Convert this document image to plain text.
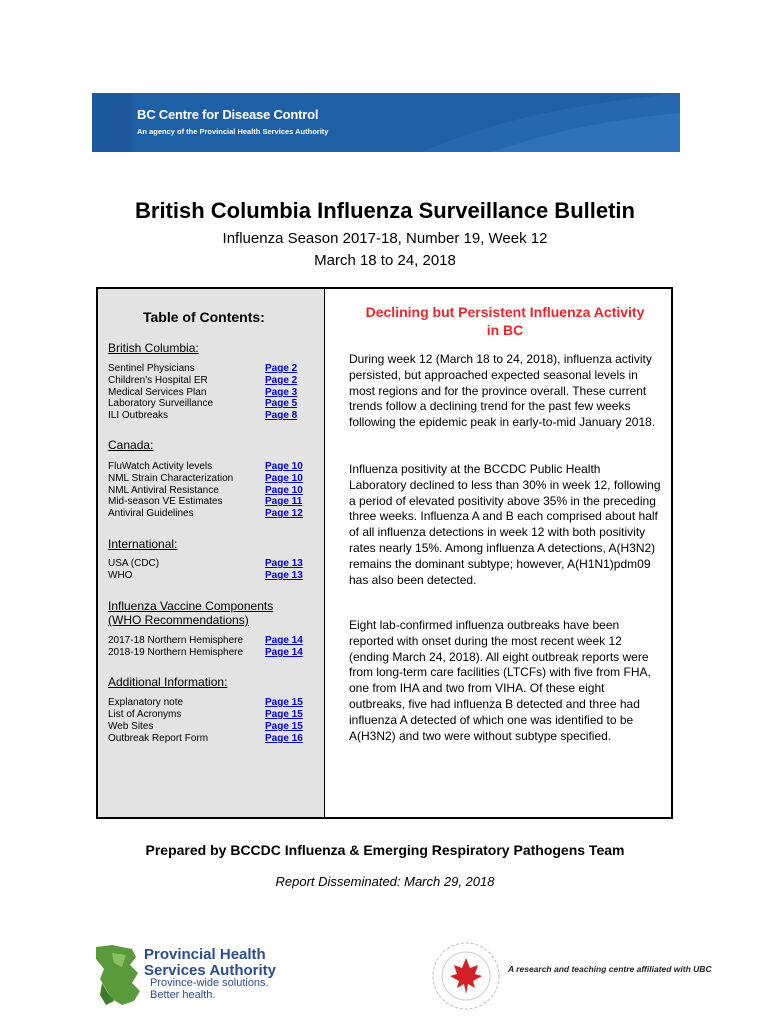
BC Centre for Disease Control
An agency of the Provincial Health Services Authority
British Columbia Influenza Surveillance Bulletin
Influenza Season 2017-18, Number 19, Week 12
March 18 to 24, 2018
Table of Contents:
British Columbia:
Sentinel Physicians	Page 2
Children's Hospital ER	Page 2
Medical Services Plan	Page 3
Laboratory Surveillance	Page 5
ILI Outbreaks	Page 8
Canada:
FluWatch Activity levels	Page 10
NML Strain Characterization	Page 10
NML Antiviral Resistance	Page 10
Mid-season VE Estimates	Page 11
Antiviral Guidelines	Page 12
International:
USA (CDC)	Page 13
WHO	Page 13
Influenza Vaccine Components
(WHO Recommendations)
2017-18 Northern Hemisphere Page 14
2018-19 Northern Hemisphere Page 14
Additional Information:
Explanatory note	Page 15
List of Acronyms	Page 15
Web Sites	Page 15
Outbreak Report Form	Page 16
Declining but Persistent Influenza Activity
in BC
During week 12 (March 18 to 24, 2018), influenza activity persisted, but approached expected seasonal levels in most regions and for the province overall. These current trends follow a declining trend for the past few weeks following the epidemic peak in early-to-mid January 2018.
Influenza positivity at the BCCDC Public Health Laboratory declined to less than 30% in week 12, following a period of elevated positivity above 35% in the preceding three weeks. Influenza A and B each comprised about half of all influenza detections in week 12 with both positivity rates nearly 15%. Among influenza A detections, A(H3N2) remains the dominant subtype; however, A(H1N1)pdm09 has also been detected.
Eight lab-confirmed influenza outbreaks have been reported with onset during the most recent week 12 (ending March 24, 2018). All eight outbreak reports were from long-term care facilities (LTCFs) with five from FHA, one from IHA and two from VIHA. Of these eight outbreaks, five had influenza B detected and three had influenza A detected of which one was identified to be A(H3N2) and two were without subtype specified.
Prepared by BCCDC Influenza & Emerging Respiratory Pathogens Team
Report Disseminated: March 29, 2018
Provincial Health
Services Authority
Province-wide solutions.
Better health.
A research and teaching centre affiliated with UBC
